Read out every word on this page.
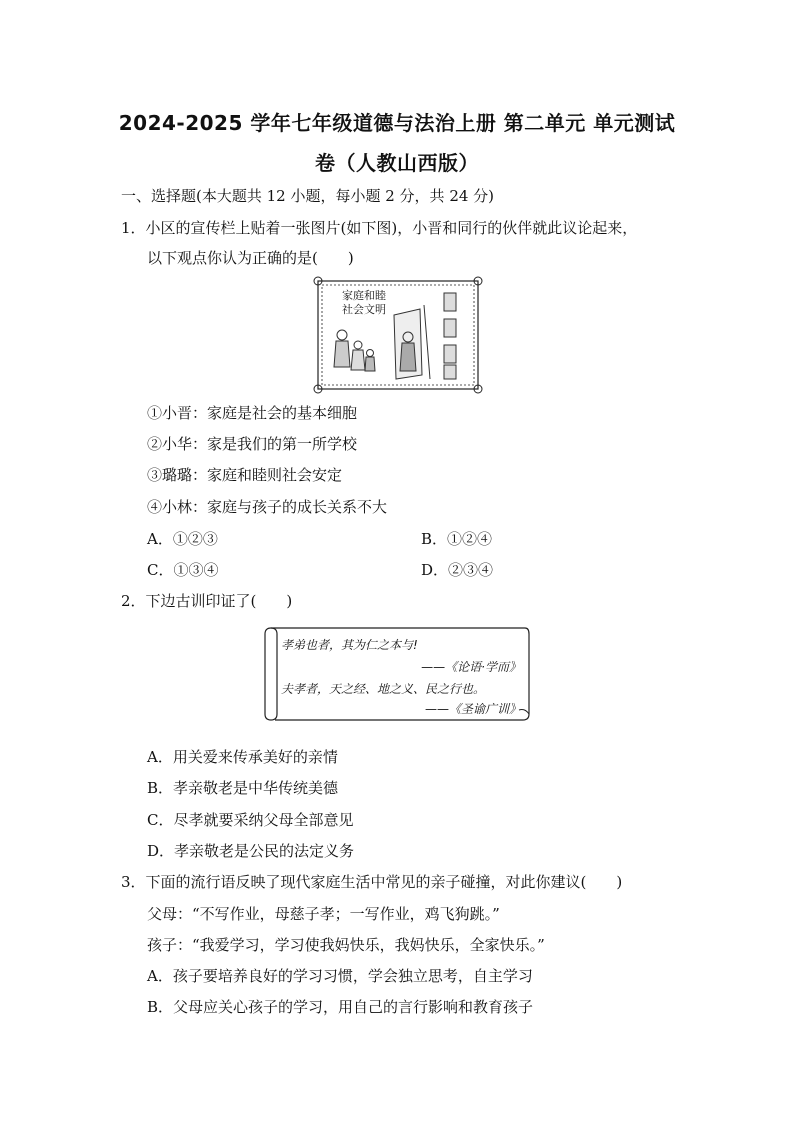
2024-2025 学年七年级道德与法治上册 第二单元 单元测试
卷（人教山西版）
一、选择题(本大题共 12 小题，每小题 2 分，共 24 分)
1．小区的宣传栏上贴着一张图片(如下图)，小晋和同行的伙伴就此议论起来，
以下观点你认为正确的是(　　)
家庭和睦
社会文明
①小晋：家庭是社会的基本细胞
②小华：家是我们的第一所学校
③璐璐：家庭和睦则社会安定
④小林：家庭与孩子的成长关系不大
A．①②③	B．①②④
C．①③④	D．②③④
2．下边古训印证了(　　)
孝弟也者，其为仁之本与!
——《论语·学而》
夫孝者，天之经、地之义、民之行也。
——《圣谕广训》
A．用关爱来传承美好的亲情
B．孝亲敬老是中华传统美德
C．尽孝就要采纳父母全部意见
D．孝亲敬老是公民的法定义务
3．下面的流行语反映了现代家庭生活中常见的亲子碰撞，对此你建议(　　)
父母：“不写作业，母慈子孝；一写作业，鸡飞狗跳。”
孩子：“我爱学习，学习使我妈快乐，我妈快乐，全家快乐。”
A．孩子要培养良好的学习习惯，学会独立思考，自主学习
B．父母应关心孩子的学习，用自己的言行影响和教育孩子
